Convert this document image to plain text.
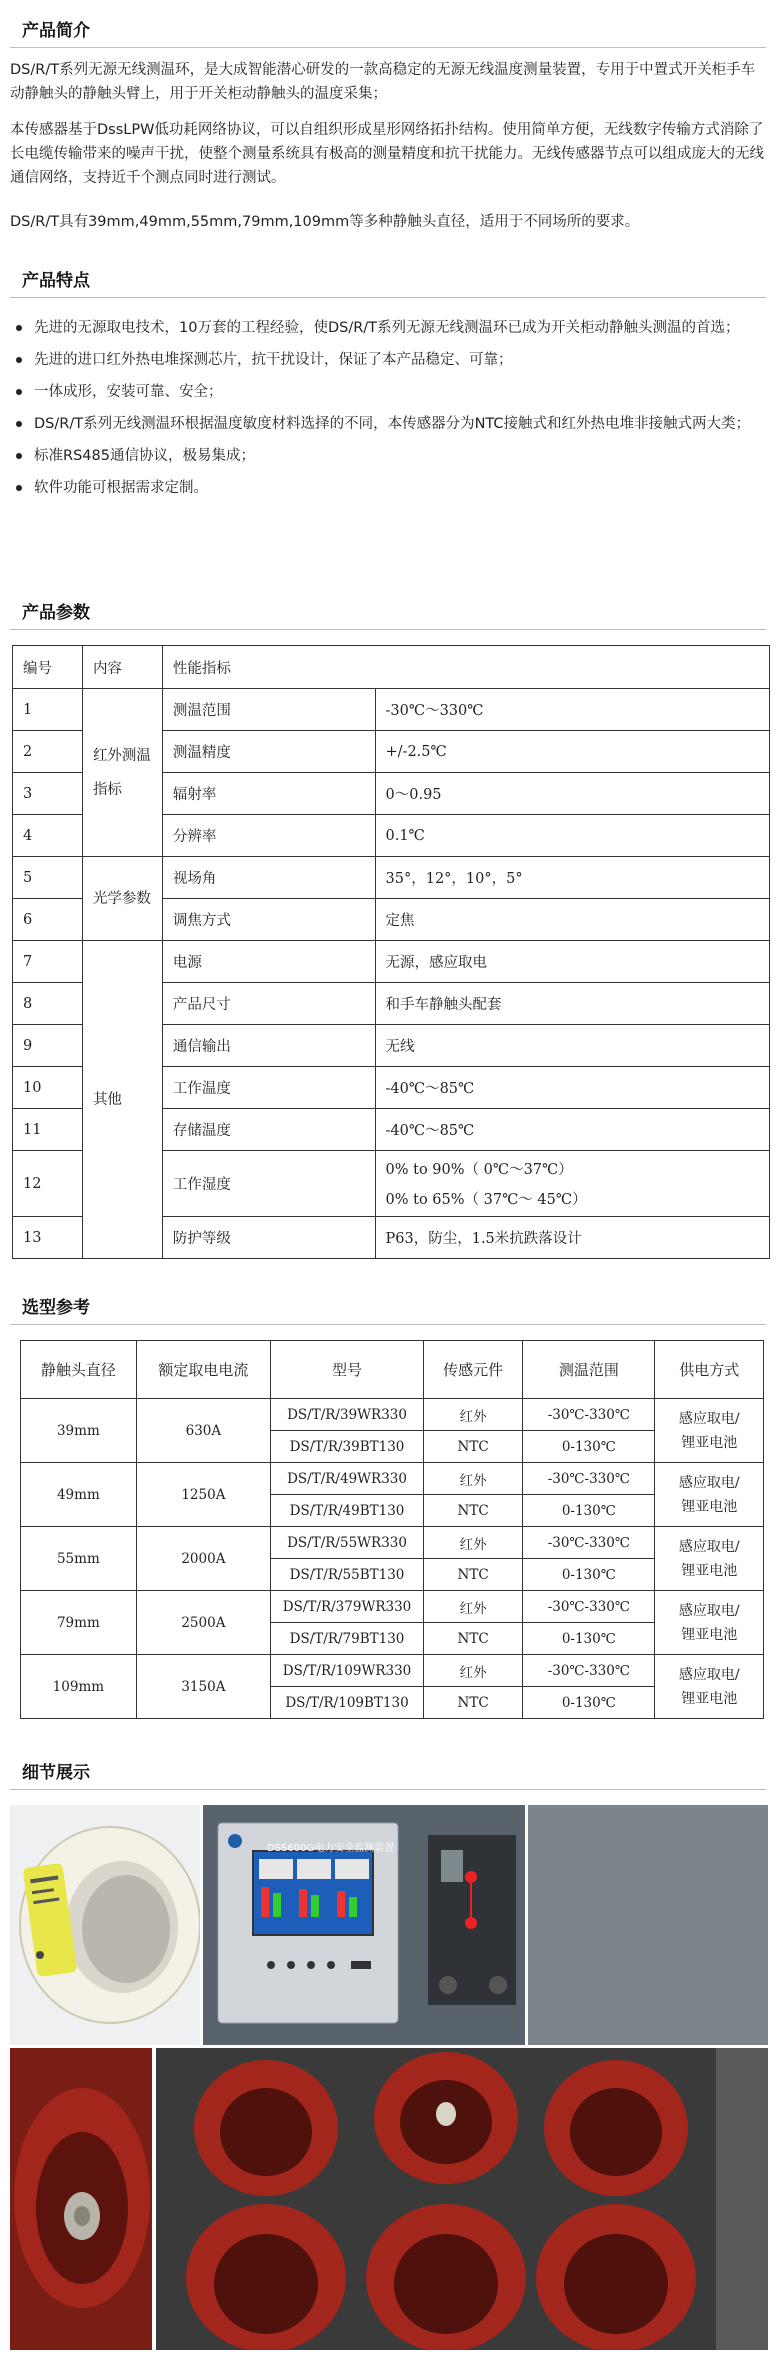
产品简介

DS/R/T系列无源无线测温环，是大成智能潜心研发的一款高稳定的无源无线温度测量装置，专用于中置式开关柜手车动静触头的静触头臂上，用于开关柜动静触头的温度采集；

本传感器基于DssLPW低功耗网络协议，可以自组织形成星形网络拓扑结构。使用简单方便，无线数字传输方式消除了长电缆传输带来的噪声干扰，使整个测量系统具有极高的测量精度和抗干扰能力。无线传感器节点可以组成庞大的无线通信网络，支持近千个测点同时进行测试。

DS/R/T具有39mm,49mm,55mm,79mm,109mm等多种静触头直径，适用于不同场所的要求。

产品特点
先进的无源取电技术，10万套的工程经验，使DS/R/T系列无源无线测温环已成为开关柜动静触头测温的首选；
先进的进口红外热电堆探测芯片，抗干扰设计，保证了本产品稳定、可靠；
一体成形，安装可靠、安全；
DS/R/T系列无线测温环根据温度敏度材料选择的不同，本传感器分为NTC接触式和红外热电堆非接触式两大类；
标准RS485通信协议，极易集成；
软件功能可根据需求定制。
产品参数
编号	内容	性能指标	
1	红外测温指标	测温范围	-30℃～330℃
2		测温精度	+/-2.5℃
3		辐射率	0～0.95
4		分辨率	0.1℃
5	光学参数	视场角	35°，12°，10°，5°
6		调焦方式	定焦
7	其他	电源	无源，感应取电
8		产品尺寸	和手车静触头配套
9		通信输出	无线
10		工作温度	-40℃～85℃
11		存储温度	-40℃～85℃
12		工作湿度	0% to 90%（ 0℃～37℃）
0% to 65%（ 37℃～ 45℃）

13		防护等级	P63，防尘，1.5米抗跌落设计
选型参考
静触头直径	额定取电电流	型号	传感元件	测温范围	供电方式
39mm	630A	DS/T/R/39WR330	红外	-30℃-330℃	感应取电/
锂亚电池

		DS/T/R/39BT130	NTC	0-130℃	
49mm	1250A	DS/T/R/49WR330	红外	-30℃-330℃	感应取电/
锂亚电池

		DS/T/R/49BT130	NTC	0-130℃	
55mm	2000A	DS/T/R/55WR330	红外	-30℃-330℃	感应取电/
锂亚电池

		DS/T/R/55BT130	NTC	0-130℃	
79mm	2500A	DS/T/R/379WR330	红外	-30℃-330℃	感应取电/
锂亚电池

		DS/T/R/79BT130	NTC	0-130℃	
109mm	3150A	DS/T/R/109WR330	红外	-30℃-330℃	感应取电/
锂亚电池

		DS/T/R/109BT130	NTC	0-130℃	
细节展示
DSS600G电力安全监测装置
